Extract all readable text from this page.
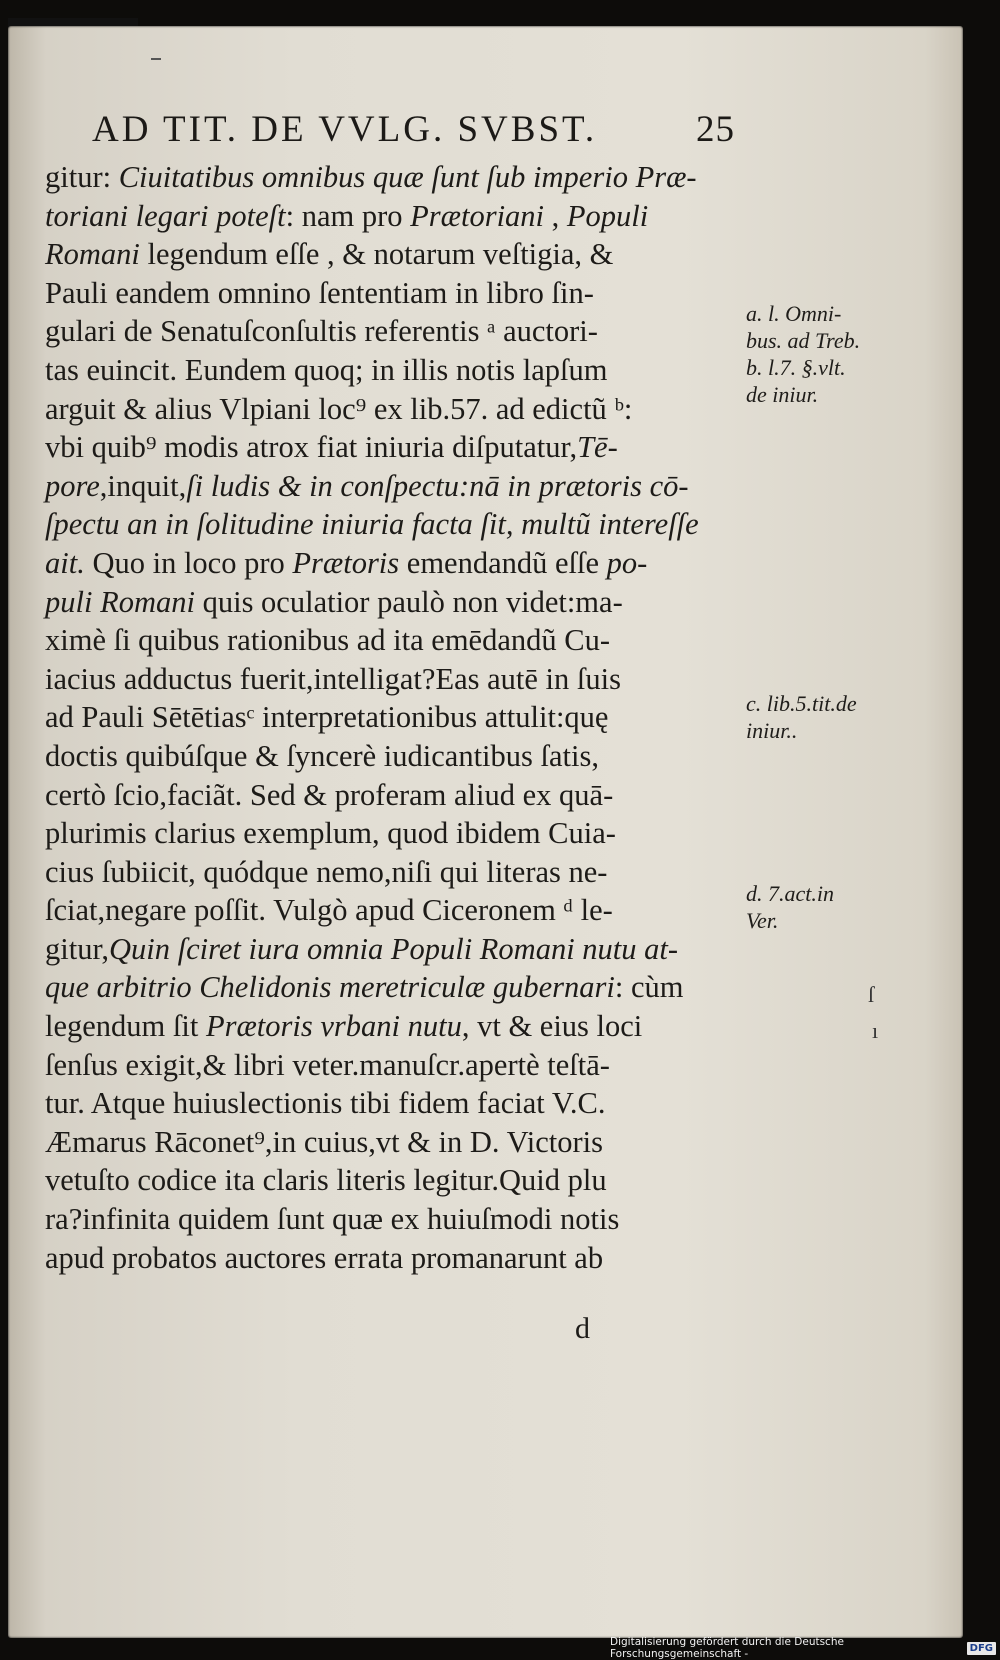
AD TIT. DE VVLG. SVBST.	25
gitur: Ciuitatibus omnibus quæ ſunt ſub imperio Præ-
toriani legari poteſt: nam pro Prætoriani , Populi
Romani legendum eſſe , & notarum veſtigia, &
Pauli eandem omnino ſententiam in libro ſin-
gulari de Senatuſconſultis referentis ᵃ auctori-
tas euincit. Eundem quoq; in illis notis lapſum
arguit & alius Vlpiani loc⁹ ex lib.57. ad edictũ ᵇ:
vbi quib⁹ modis atrox fiat iniuria diſputatur,Tē-
pore,inquit,ſi ludis & in conſpectu:nā in prætoris cō-
ſpectu an in ſolitudine iniuria facta ſit, multũ intereſſe
ait. Quo in loco pro Prætoris emendandũ eſſe po-
puli Romani quis oculatior paulò non videt:ma-
ximè ſi quibus rationibus ad ita emēdandũ Cu-
iacius adductus fuerit,intelligat?Eas autē in ſuis
ad Pauli Sētētiasᶜ interpretationibus attulit:quę
doctis quibúſque & ſyncerè iudicantibus ſatis,
certò ſcio,faciãt. Sed & proferam aliud ex quā-
plurimis clarius exemplum, quod ibidem Cuia-
cius ſubiicit, quódque nemo,niſi qui literas ne-
ſciat,negare poſſit. Vulgò apud Ciceronem ᵈ le-
gitur,Quin ſciret iura omnia Populi Romani nutu at-
que arbitrio Chelidonis meretriculæ gubernari: cùm
legendum ſit Prætoris vrbani nutu, vt & eius loci
ſenſus exigit,& libri veter.manuſcr.apertè teſtā-
tur. Atque huiuslectionis tibi fidem faciat V.C.
Æmarus Rāconet⁹,in cuius,vt & in D. Victoris
vetuſto codice ita claris literis legitur.Quid plu
ra?infinita quidem ſunt quæ ex huiuſmodi notis
apud probatos auctores errata promanarunt ab
a. l. Omni-
bus. ad Treb.
b. l.7. §.vlt.
de iniur.
c. lib.5.tit.de
iniur..
d. 7.act.in
Ver.
d
ſ
ı
Digitalisierung gefördert durch die Deutsche Forschungsgemeinschaft -	DFG
